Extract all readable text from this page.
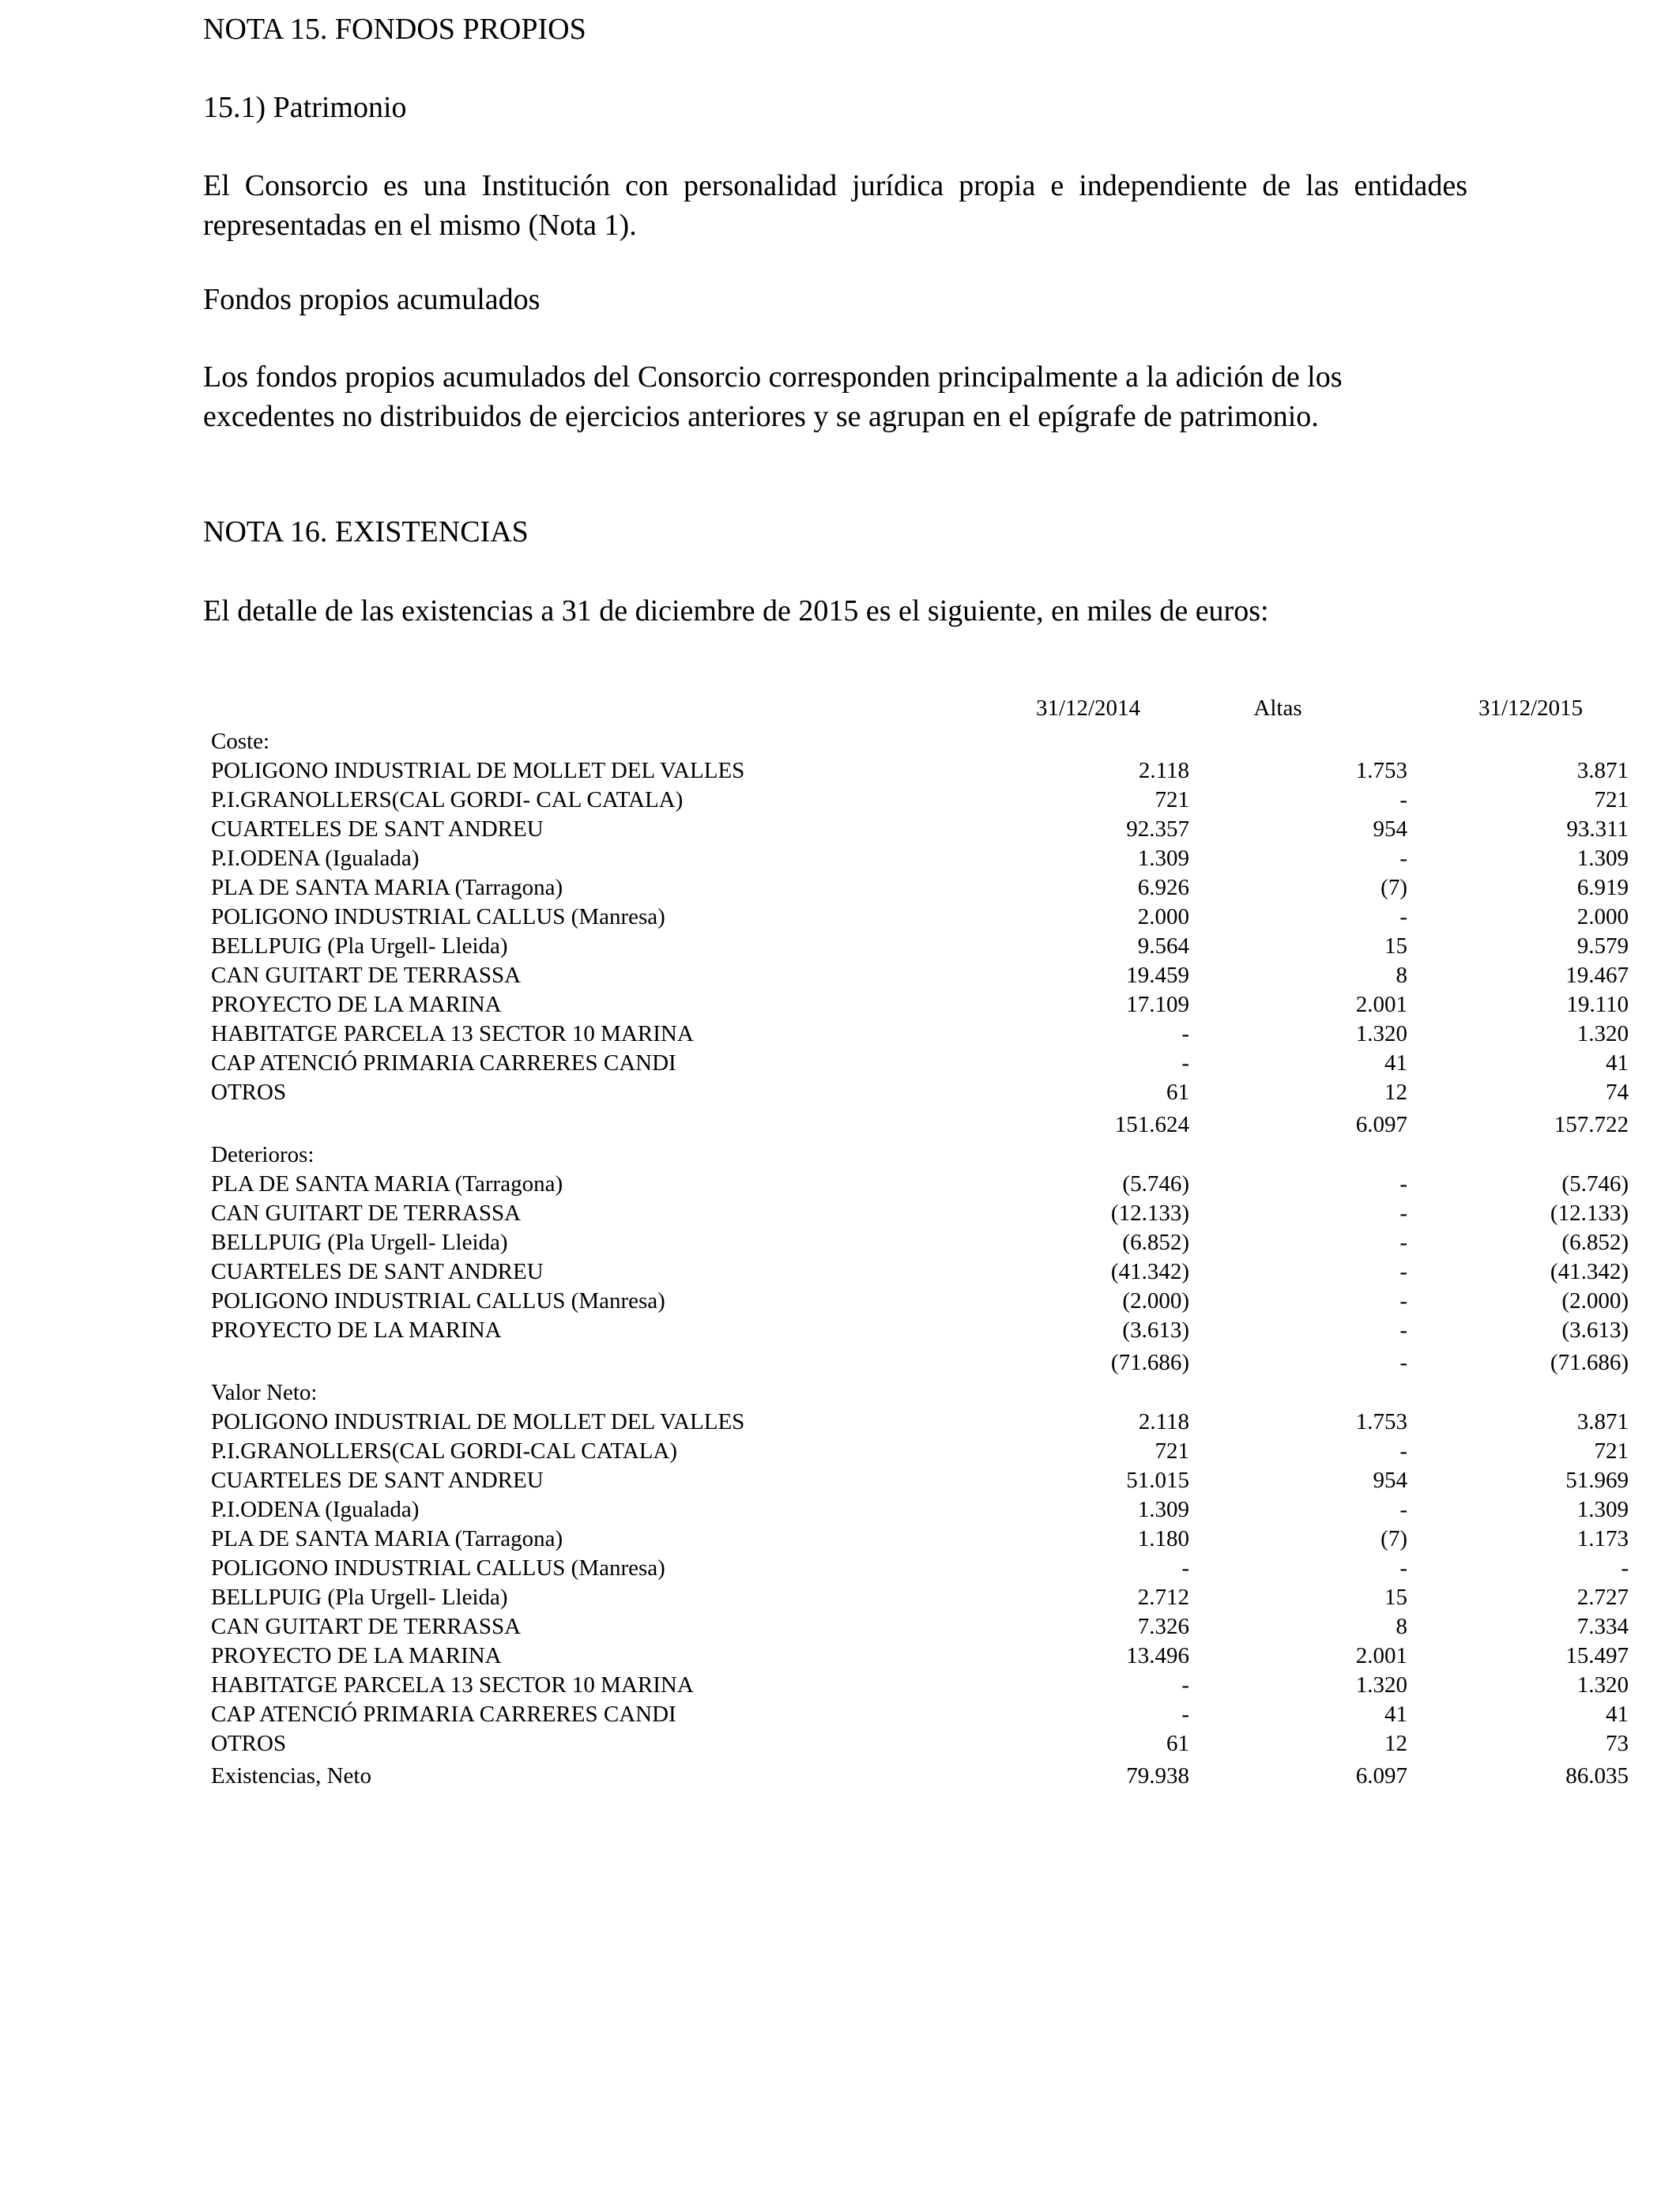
NOTA 15. FONDOS PROPIOS
15.1) Patrimonio
El Consorcio es una Institución con personalidad jurídica propia e independiente de las entidades representadas en el mismo (Nota 1).
Fondos propios acumulados
Los fondos propios acumulados del Consorcio corresponden principalmente a la adición de los excedentes no distribuidos de ejercicios anteriores y se agrupan en el epígrafe de patrimonio.
NOTA 16. EXISTENCIAS
El detalle de las existencias a 31 de diciembre de 2015 es el siguiente, en miles de euros:
31/12/2014	Altas	31/12/2015
Coste:
POLIGONO INDUSTRIAL DE MOLLET DEL VALLES	2.118	1.753	3.871
P.I.GRANOLLERS(CAL GORDI- CAL CATALA)	721	-	721
CUARTELES DE SANT ANDREU	92.357	954	93.311
P.I.ODENA (Igualada)	1.309	-	1.309
PLA DE SANTA MARIA (Tarragona)	6.926	(7)	6.919
POLIGONO INDUSTRIAL CALLUS (Manresa)	2.000	-	2.000
BELLPUIG (Pla Urgell- Lleida)	9.564	15	9.579
CAN GUITART DE TERRASSA	19.459	8	19.467
PROYECTO DE LA MARINA	17.109	2.001	19.110
HABITATGE PARCELA 13 SECTOR 10 MARINA	-	1.320	1.320
CAP ATENCIÓ PRIMARIA CARRERES CANDI	-	41	41
OTROS	61	12	74
151.624	6.097	157.722
Deterioros:
PLA DE SANTA MARIA (Tarragona)	(5.746)	-	(5.746)
CAN GUITART DE TERRASSA	(12.133)	-	(12.133)
BELLPUIG (Pla Urgell- Lleida)	(6.852)	-	(6.852)
CUARTELES DE SANT ANDREU	(41.342)	-	(41.342)
POLIGONO INDUSTRIAL CALLUS (Manresa)	(2.000)	-	(2.000)
PROYECTO DE LA MARINA	(3.613)	-	(3.613)
(71.686)	-	(71.686)
Valor Neto:
POLIGONO INDUSTRIAL DE MOLLET DEL VALLES	2.118	1.753	3.871
P.I.GRANOLLERS(CAL GORDI-CAL CATALA)	721	-	721
CUARTELES DE SANT ANDREU	51.015	954	51.969
P.I.ODENA (Igualada)	1.309	-	1.309
PLA DE SANTA MARIA (Tarragona)	1.180	(7)	1.173
POLIGONO INDUSTRIAL CALLUS (Manresa)	-	-	-
BELLPUIG (Pla Urgell- Lleida)	2.712	15	2.727
CAN GUITART DE TERRASSA	7.326	8	7.334
PROYECTO DE LA MARINA	13.496	2.001	15.497
HABITATGE PARCELA 13 SECTOR 10 MARINA	-	1.320	1.320
CAP ATENCIÓ PRIMARIA CARRERES CANDI	-	41	41
OTROS	61	12	73
Existencias, Neto	79.938	6.097	86.035
